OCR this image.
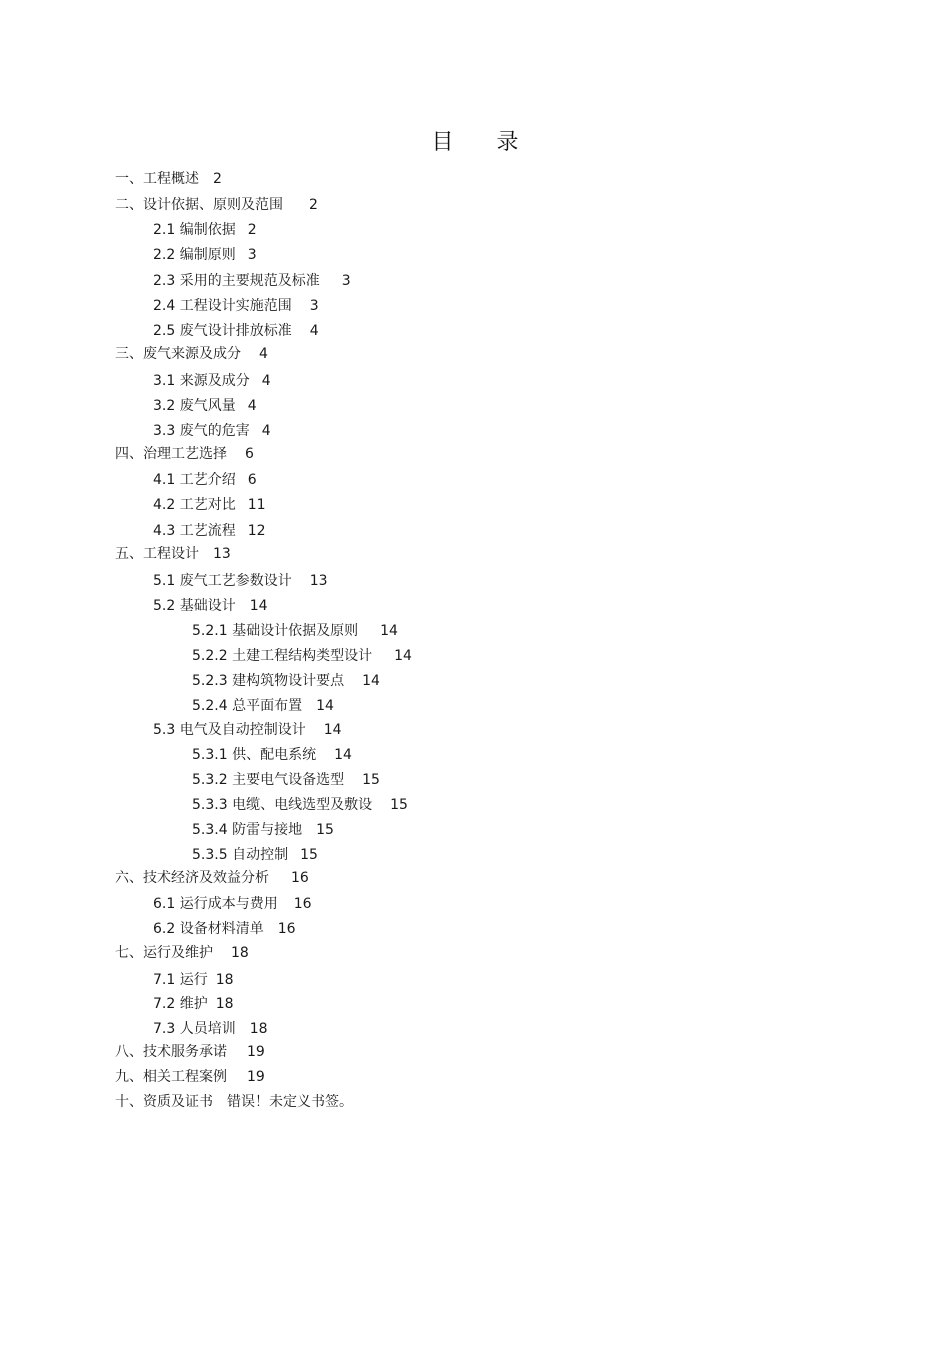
目 录
一、工程概述 2
二、设计依据、原则及范围 2
2.1 编制依据 2
2.2 编制原则 3
2.3 采用的主要规范及标准 3
2.4 工程设计实施范围 3
2.5 废气设计排放标准 4
三、废气来源及成分 4
3.1 来源及成分 4
3.2 废气风量 4
3.3 废气的危害 4
四、治理工艺选择 6
4.1 工艺介绍 6
4.2 工艺对比 11
4.3 工艺流程 12
五、工程设计 13
5.1 废气工艺参数设计 13
5.2 基础设计 14
5.2.1 基础设计依据及原则 14
5.2.2 土建工程结构类型设计 14
5.2.3 建构筑物设计要点 14
5.2.4 总平面布置 14
5.3 电气及自动控制设计 14
5.3.1 供、配电系统 14
5.3.2 主要电气设备选型 15
5.3.3 电缆、电线选型及敷设 15
5.3.4 防雷与接地 15
5.3.5 自动控制 15
六、技术经济及效益分析 16
6.1 运行成本与费用 16
6.2 设备材料清单 16
七、运行及维护 18
7.1 运行 18
7.2 维护 18
7.3 人员培训 18
八、技术服务承诺 19
九、相关工程案例 19
十、资质及证书 错误！未定义书签。
